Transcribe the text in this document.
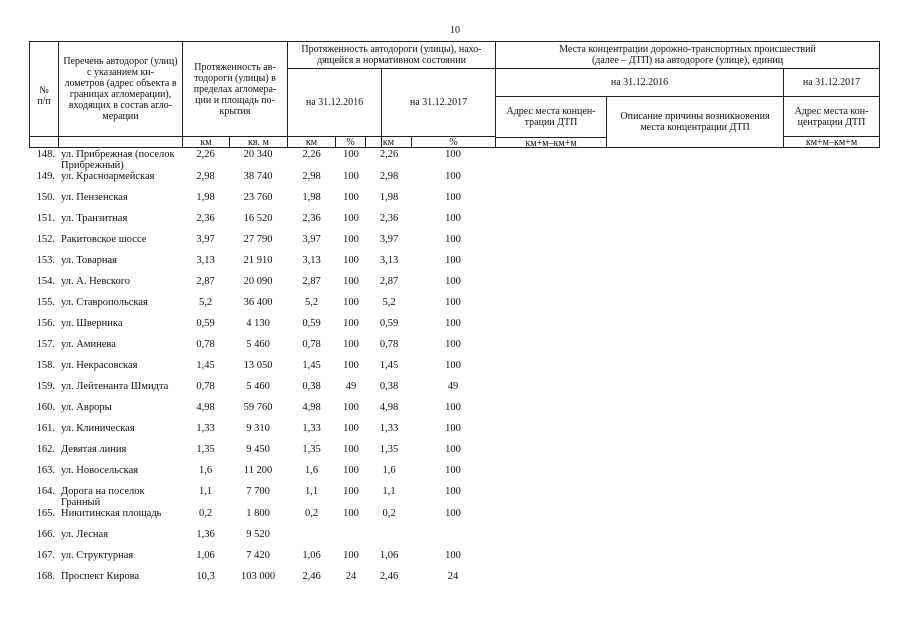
10
№
п/п
Перечень автодорог (улиц) с указанием ки-
лометров (адрес объекта в границах агломерации), входящих в состав агло-
мерации
Протяженность ав-
тодороги (улицы) в пределах агломера-
ции и площадь по-
крытия
Протяженность автодороги (улицы), нахо-
дящейся в нормативном состоянии
на 31.12.2016	на 31.12.2017
Места концентрации дорожно-транспортных происшествий
(далее – ДТП) на автодороге (улице), единиц
на 31.12.2016	на 31.12.2017
Адрес места концен-
трации ДТП
Описание причины возникновения места концентрации ДТП
Адрес места кон-
центрации ДТП
км	кв. м	км	%	км	%	км+м–км+м	км+м–км+м
148.	ул. Прибрежная (поселок Прибрежный)	2,26	20 340	2,26	100	2,26	100
149.	ул. Красноармейская	2,98	38 740	2,98	100	2,98	100
150.	ул. Пензенская	1,98	23 760	1,98	100	1,98	100
151.	ул. Транзитная	2,36	16 520	2,36	100	2,36	100
152.	Ракитовское шоссе	3,97	27 790	3,97	100	3,97	100
153.	ул. Товарная	3,13	21 910	3,13	100	3,13	100
154.	ул. А. Невского	2,87	20 090	2,87	100	2,87	100
155.	ул. Ставропольская	5,2	36 400	5,2	100	5,2	100
156.	ул. Шверника	0,59	4 130	0,59	100	0,59	100
157.	ул. Аминева	0,78	5 460	0,78	100	0,78	100
158.	ул. Некрасовская	1,45	13 050	1,45	100	1,45	100
159.	ул. Лейтенанта Шмидта	0,78	5 460	0,38	49	0,38	49
160.	ул. Авроры	4,98	59 760	4,98	100	4,98	100
161.	ул. Клиническая	1,33	9 310	1,33	100	1,33	100
162.	Девятая линия	1,35	9 450	1,35	100	1,35	100
163.	ул. Новосельская	1,6	11 200	1,6	100	1,6	100
164.	Дорога на поселок Гранный	1,1	7 700	1,1	100	1,1	100
165.	Никитинская площадь	0,2	1 800	0,2	100	0,2	100
166.	ул. Лесная	1,36	9 520				
167.	ул. Структурная	1,06	7 420	1,06	100	1,06	100
168.	Проспект Кирова	10,3	103 000	2,46	24	2,46	24
